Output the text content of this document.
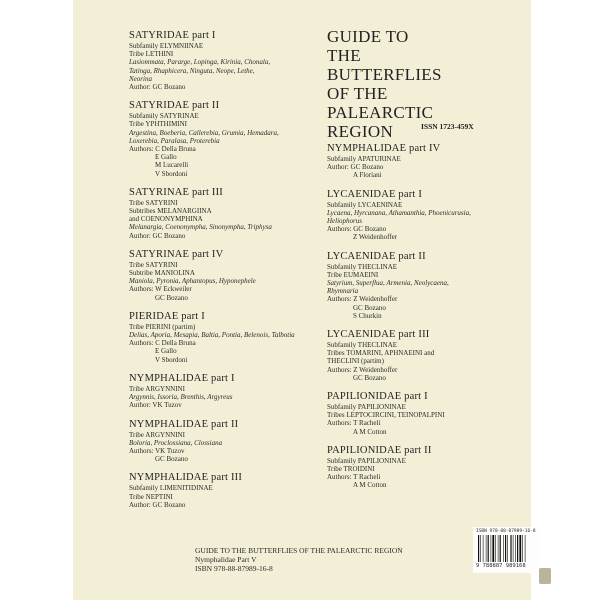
SATYRIDAE part I
Subfamily ELYMNIINAE
Tribe LETHINI
Lasiommata, Pararge, Lopinga, Kirinia, Chonala,
Tatinga, Rhaphicera, Ninguta, Neope, Lethe,
Neorina
Author: GC Bozano
SATYRIDAE part II
Subfamily SATYRINAE
Tribe YPHTHIMINI
Argestina, Boeberia, Callerebia, Grumia, Hemadara,
Loxerebia, Paralasa, Proterebia
Authors: C Della Bruna
E Gallo
M Lucarelli
V Sbordoni
SATYRINAE part III
Tribe SATYRINI
Subtribes MELANARGIINA
and COENONYMPHINA
Melanargia, Coenonympha, Sinonympha, Triphysa
Author: GC Bozano
SATYRINAE part IV
Tribe SATYRINI
Subtribe MANIOLINA
Maniola, Pyronia, Aphantopus, Hyponephele
Authors: W Eckweiler
GC Bozano
PIERIDAE part I
Tribe PIERINI (partim)
Delias, Aporia, Mesapia, Baltia, Pontia, Belenois, Talbotia
Authors: C Della Bruna
E Gallo
V Sbordoni
NYMPHALIDAE part I
Tribe ARGYNNINI
Argynnis, Issoria, Brenthis, Argyreus
Author: VK Tuzov
NYMPHALIDAE part II
Tribe ARGYNNINI
Boloria, Proclossiana, Clossiana
Authors: VK Tuzov
GC Bozano
NYMPHALIDAE part III
Subfamily LIMENITIDINAE
Tribe NEPTINI
Author: GC Bozano
GUIDE TO
THE
BUTTERFLIES
OF THE
PALEARCTIC
REGION	ISSN 1723-459X
NYMPHALIDAE part IV
Subfamily APATURINAE
Author: GC Bozano
A Floriani
LYCAENIDAE part I
Subfamily LYCAENINAE
Lycaena, Hyrcanana, Athamanthia, Phoenicurusia,
Heliophorus
Authors: GC Bozano
Z Weidenhoffer
LYCAENIDAE part II
Subfamily THECLINAE
Tribe EUMAEINI
Satyrium, Superflua, Armenia, Neolycaena,
Rhymnaria
Authors: Z Weidenhoffer
GC Bozano
S Churkin
LYCAENIDAE part III
Subfamily THECLINAE
Tribes TOMARINI, APHNAEINI and
THECLINI (partim)
Authors: Z Weidenhoffer
GC Bozano
PAPILIONIDAE part I
Subfamily PAPILIONINAE
Tribes LEPTOCIRCINI, TEINOPALPINI
Authors: T Racheli
A M Cotton
PAPILIONIDAE part II
Subfamily PAPILIONINAE
Tribe TROIDINI
Authors: T Racheli
A M Cotton
GUIDE TO THE BUTTERFLIES OF THE PALEARCTIC REGION
Nymphalidae Part V
ISBN 978-88-87989-16-8
ISBN 978-88-87989-16-8
9 788887 989168
